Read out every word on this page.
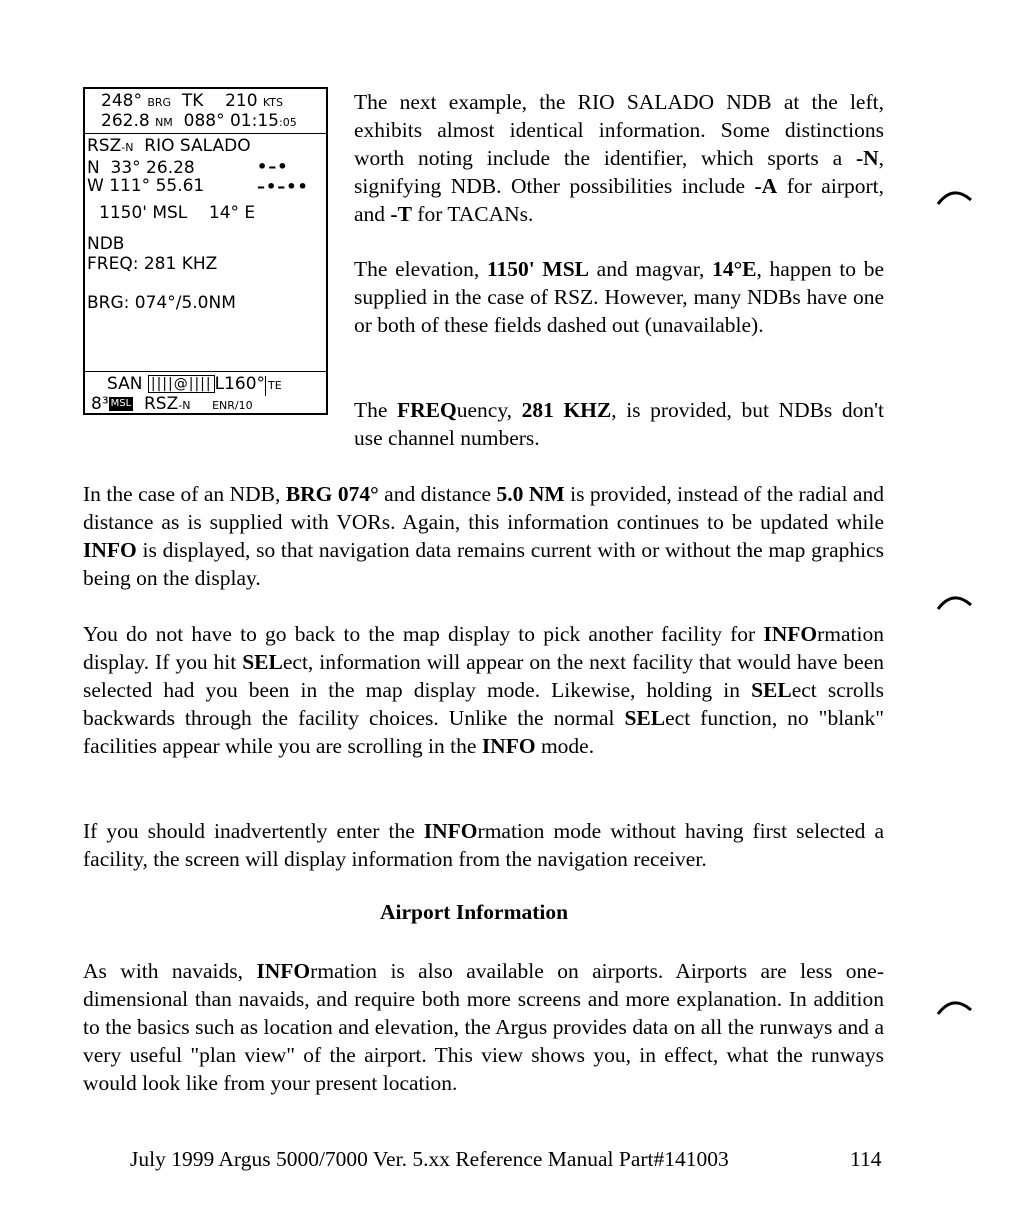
248° BRG TK 210 KTS
262.8 NM 088° 01:15:05
RSZ-N RIO SALADO
N  33° 26.28
W 111° 55.61
•–•
–•–••
1150' MSL    14° E
NDB
FREQ: 281 KHZ
BRG: 074°/5.0NM
SAN ||||@|||| L160° TE
8³ MSL RSZ-N ENR/10

The next example, the RIO SALADO NDB at the left, exhibits almost identical information. Some distinctions worth noting include the identifier, which sports a -N, signifying NDB. Other possibilities include -A for airport, and -T for TACANs.

The elevation, 1150' MSL and magvar, 14°E, happen to be supplied in the case of RSZ. However, many NDBs have one or both of these fields dashed out (unavailable).

The FREQuency, 281 KHZ, is provided, but NDBs don't use channel numbers.

In the case of an NDB, BRG 074° and distance 5.0 NM is provided, instead of the radial and distance as is supplied with VORs. Again, this information continues to be updated while INFO is displayed, so that navigation data remains current with or without the map graphics being on the display.

You do not have to go back to the map display to pick another facility for INFOrmation display. If you hit SELect, information will appear on the next facility that would have been selected had you been in the map display mode. Likewise, holding in SELect scrolls backwards through the facility choices. Unlike the normal SELect function, no "blank" facilities appear while you are scrolling in the INFO mode.

If you should inadvertently enter the INFOrmation mode without having first selected a facility, the screen will display information from the navigation receiver.

Airport Information

As with navaids, INFOrmation is also available on airports. Airports are less one-dimensional than navaids, and require both more screens and more explanation. In addition to the basics such as location and elevation, the Argus provides data on all the runways and a very useful "plan view" of the airport. This view shows you, in effect, what the runways would look like from your present location.

July 1999 Argus 5000/7000 Ver. 5.xx Reference Manual Part#141003	114
